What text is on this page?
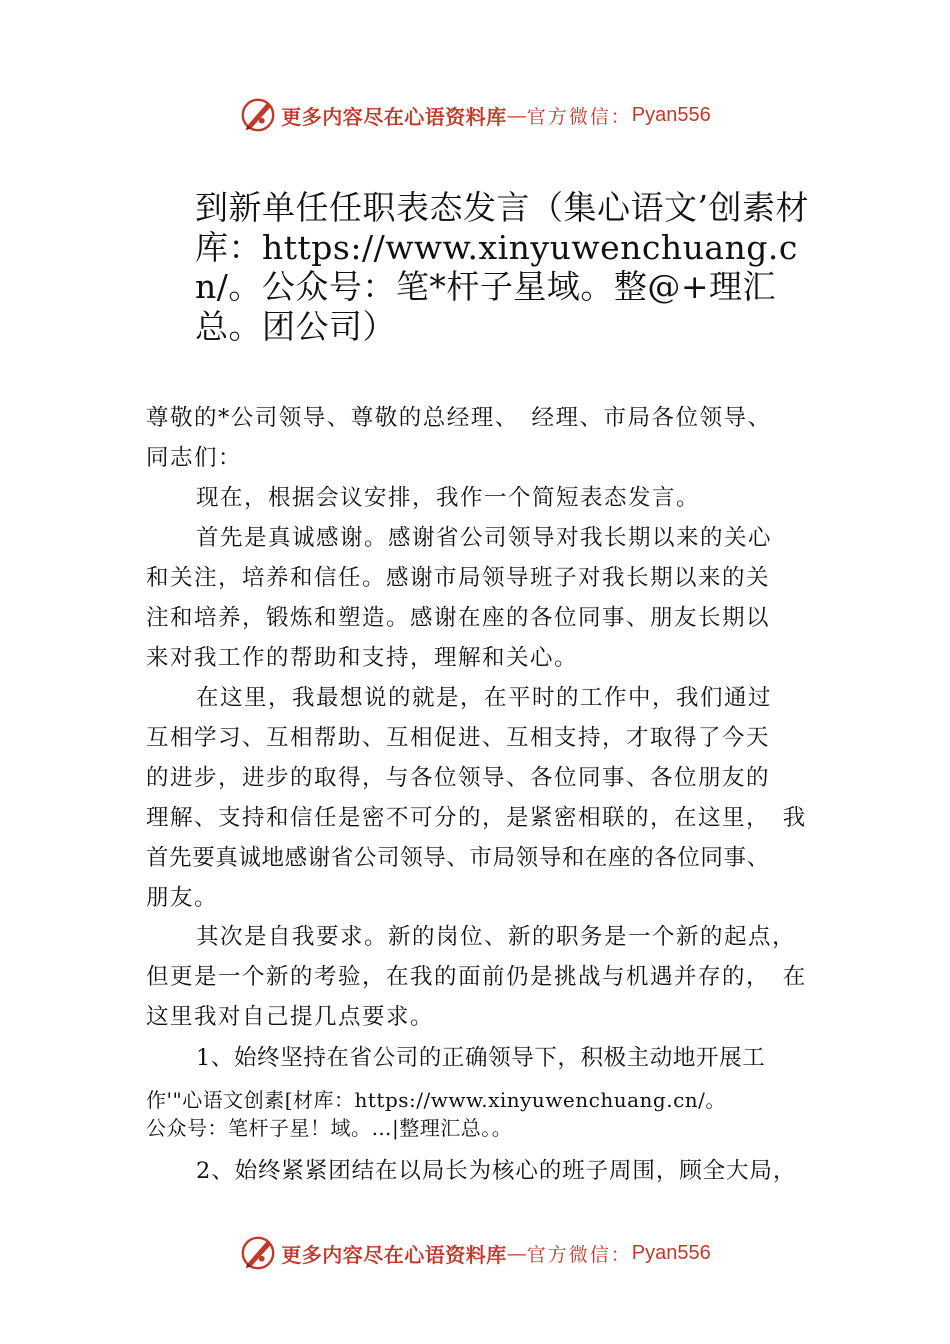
更多内容尽在心语资料库 — 官方微信： Pyan556
到新单任任职表态发言（集心语文’创素材库：https://www.xinyuwenchuang.cn/。公众号：笔*杆子星域。整@+理汇总。团公司）
尊敬的*公司领导、尊敬的总经理、　经理、市局各位领导、
同志们：
现在，根据会议安排，我作一个简短表态发言。
首先是真诚感谢。感谢省公司领导对我长期以来的关心
和关注，培养和信任。感谢市局领导班子对我长期以来的关
注和培养，锻炼和塑造。感谢在座的各位同事、朋友长期以
来对我工作的帮助和支持，理解和关心。
在这里，我最想说的就是，在平时的工作中，我们通过
互相学习、互相帮助、互相促进、互相支持，才取得了今天
的进步，进步的取得，与各位领导、各位同事、各位朋友的
理解、支持和信任是密不可分的，是紧密相联的，在这里，　我
首先要真诚地感谢省公司领导、市局领导和在座的各位同事、
朋友。
其次是自我要求。新的岗位、新的职务是一个新的起点，
但更是一个新的考验，在我的面前仍是挑战与机遇并存的，　在
这里我对自己提几点要求。
1、始终坚持在省公司的正确领导下，积极主动地开展工
作'"心语文创素[材库：https://www.xinyuwenchuang.cn/。
公众号：笔杆子星！域。…|整理汇总。。
2、始终紧紧团结在以局长为核心的班子周围，顾全大局，
更多内容尽在心语资料库 — 官方微信： Pyan556
